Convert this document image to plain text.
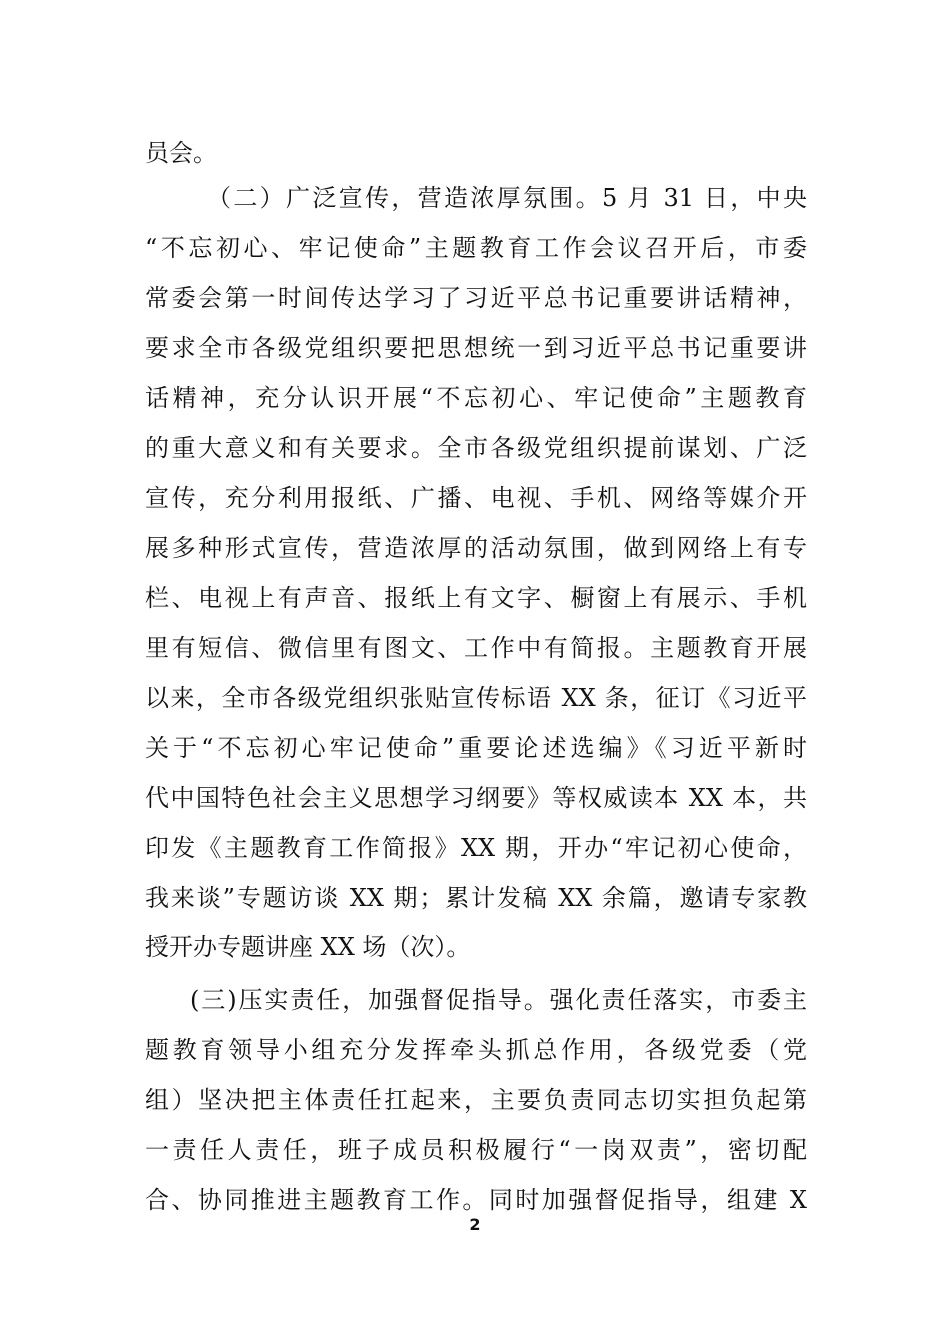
员会。
（二）广泛宣传，营造浓厚氛围。5 月 31 日，中央
“不忘初心、牢记使命”主题教育工作会议召开后，市委
常委会第一时间传达学习了习近平总书记重要讲话精神，
要求全市各级党组织要把思想统一到习近平总书记重要讲
话精神，充分认识开展“不忘初心、牢记使命”主题教育
的重大意义和有关要求。全市各级党组织提前谋划、广泛
宣传，充分利用报纸、广播、电视、手机、网络等媒介开
展多种形式宣传，营造浓厚的活动氛围，做到网络上有专
栏、电视上有声音、报纸上有文字、橱窗上有展示、手机
里有短信、微信里有图文、工作中有简报。主题教育开展
以来，全市各级党组织张贴宣传标语 XX 条，征订《习近平
关于“不忘初心牢记使命”重要论述选编》《习近平新时
代中国特色社会主义思想学习纲要》等权威读本 XX 本，共
印发《主题教育工作简报》XX 期，开办“牢记初心使命，
我来谈”专题访谈 XX 期；累计发稿 XX 余篇，邀请专家教
授开办专题讲座 XX 场（次）。
(三)压实责任，加强督促指导。强化责任落实，市委主
题教育领导小组充分发挥牵头抓总作用，各级党委（党
组）坚决把主体责任扛起来，主要负责同志切实担负起第
一责任人责任，班子成员积极履行“一岗双责”，密切配
合、协同推进主题教育工作。同时加强督促指导，组建 X
2
